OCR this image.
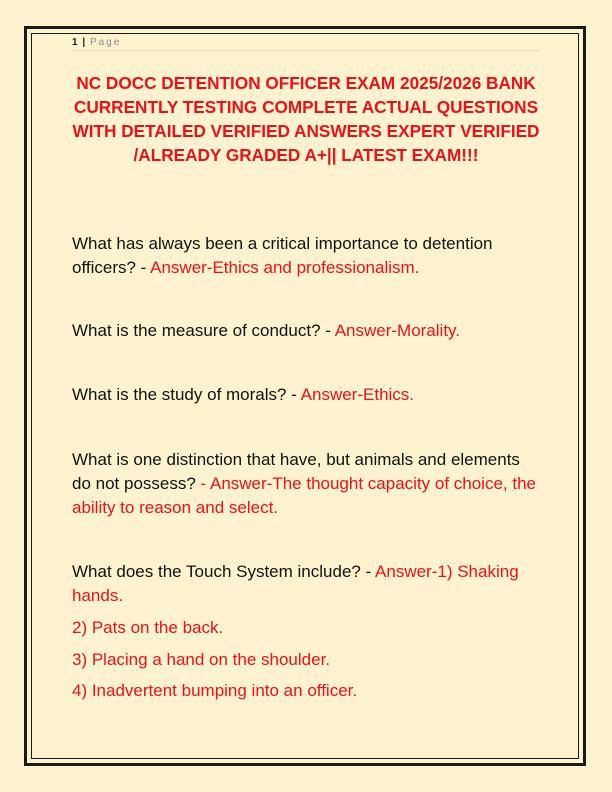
1 | Page
NC DOCC DETENTION OFFICER EXAM 2025/2026 BANK CURRENTLY TESTING COMPLETE ACTUAL QUESTIONS WITH DETAILED VERIFIED ANSWERS EXPERT VERIFIED /ALREADY GRADED A+|| LATEST EXAM!!!
What has always been a critical importance to detention officers? - Answer-Ethics and professionalism.
What is the measure of conduct? - Answer-Morality.
What is the study of morals? - Answer-Ethics.
What is one distinction that have, but animals and elements do not possess? - Answer-The thought capacity of choice, the ability to reason and select.
What does the Touch System include? - Answer-1) Shaking hands.
2) Pats on the back.
3) Placing a hand on the shoulder.
4) Inadvertent bumping into an officer.
